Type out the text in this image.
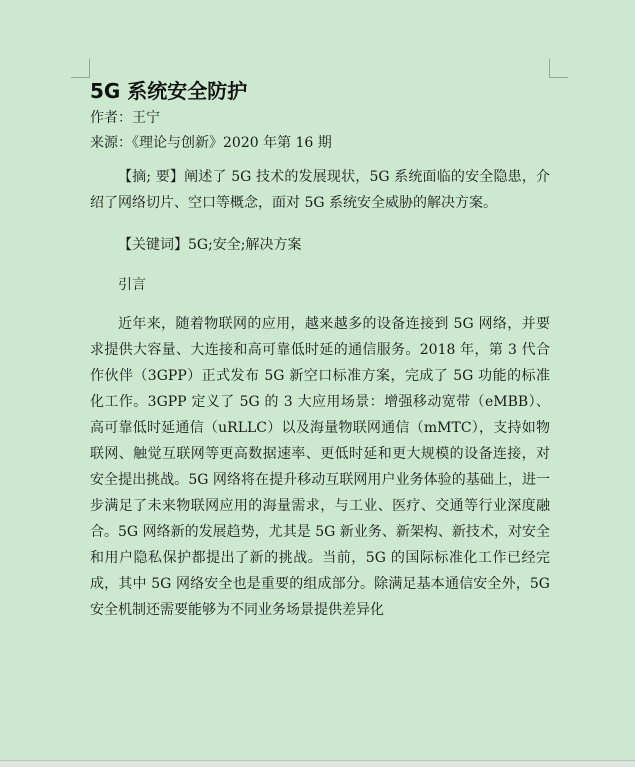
5G 系统安全防护

作者：王宁

来源：《理论与创新》2020 年第 16 期

【摘; 要】阐述了 5G 技术的发展现状，5G 系统面临的安全隐患，介绍了网络切片、空口等概念，面对 5G 系统安全威胁的解决方案。

【关键词】5G;安全;解决方案

引言

近年来，随着物联网的应用，越来越多的设备连接到 5G 网络，并要求提供大容量、大连接和高可靠低时延的通信服务。2018 年，第 3 代合作伙伴（3GPP）正式发布 5G 新空口标准方案，完成了 5G 功能的标准化工作。3GPP 定义了 5G 的 3 大应用场景：增强移动宽带（eMBB）、高可靠低时延通信（uRLLC）以及海量物联网通信（mMTC），支持如物联网、触觉互联网等更高数据速率、更低时延和更大规模的设备连接，对安全提出挑战。5G 网络将在提升移动互联网用户业务体验的基础上，进一步满足了未来物联网应用的海量需求，与工业、医疗、交通等行业深度融合。5G 网络新的发展趋势，尤其是 5G 新业务、新架构、新技术，对安全和用户隐私保护都提出了新的挑战。当前，5G 的国际标准化工作已经完成，其中 5G 网络安全也是重要的组成部分。除满足基本通信安全外，5G 安全机制还需要能够为不同业务场景提供差异化
